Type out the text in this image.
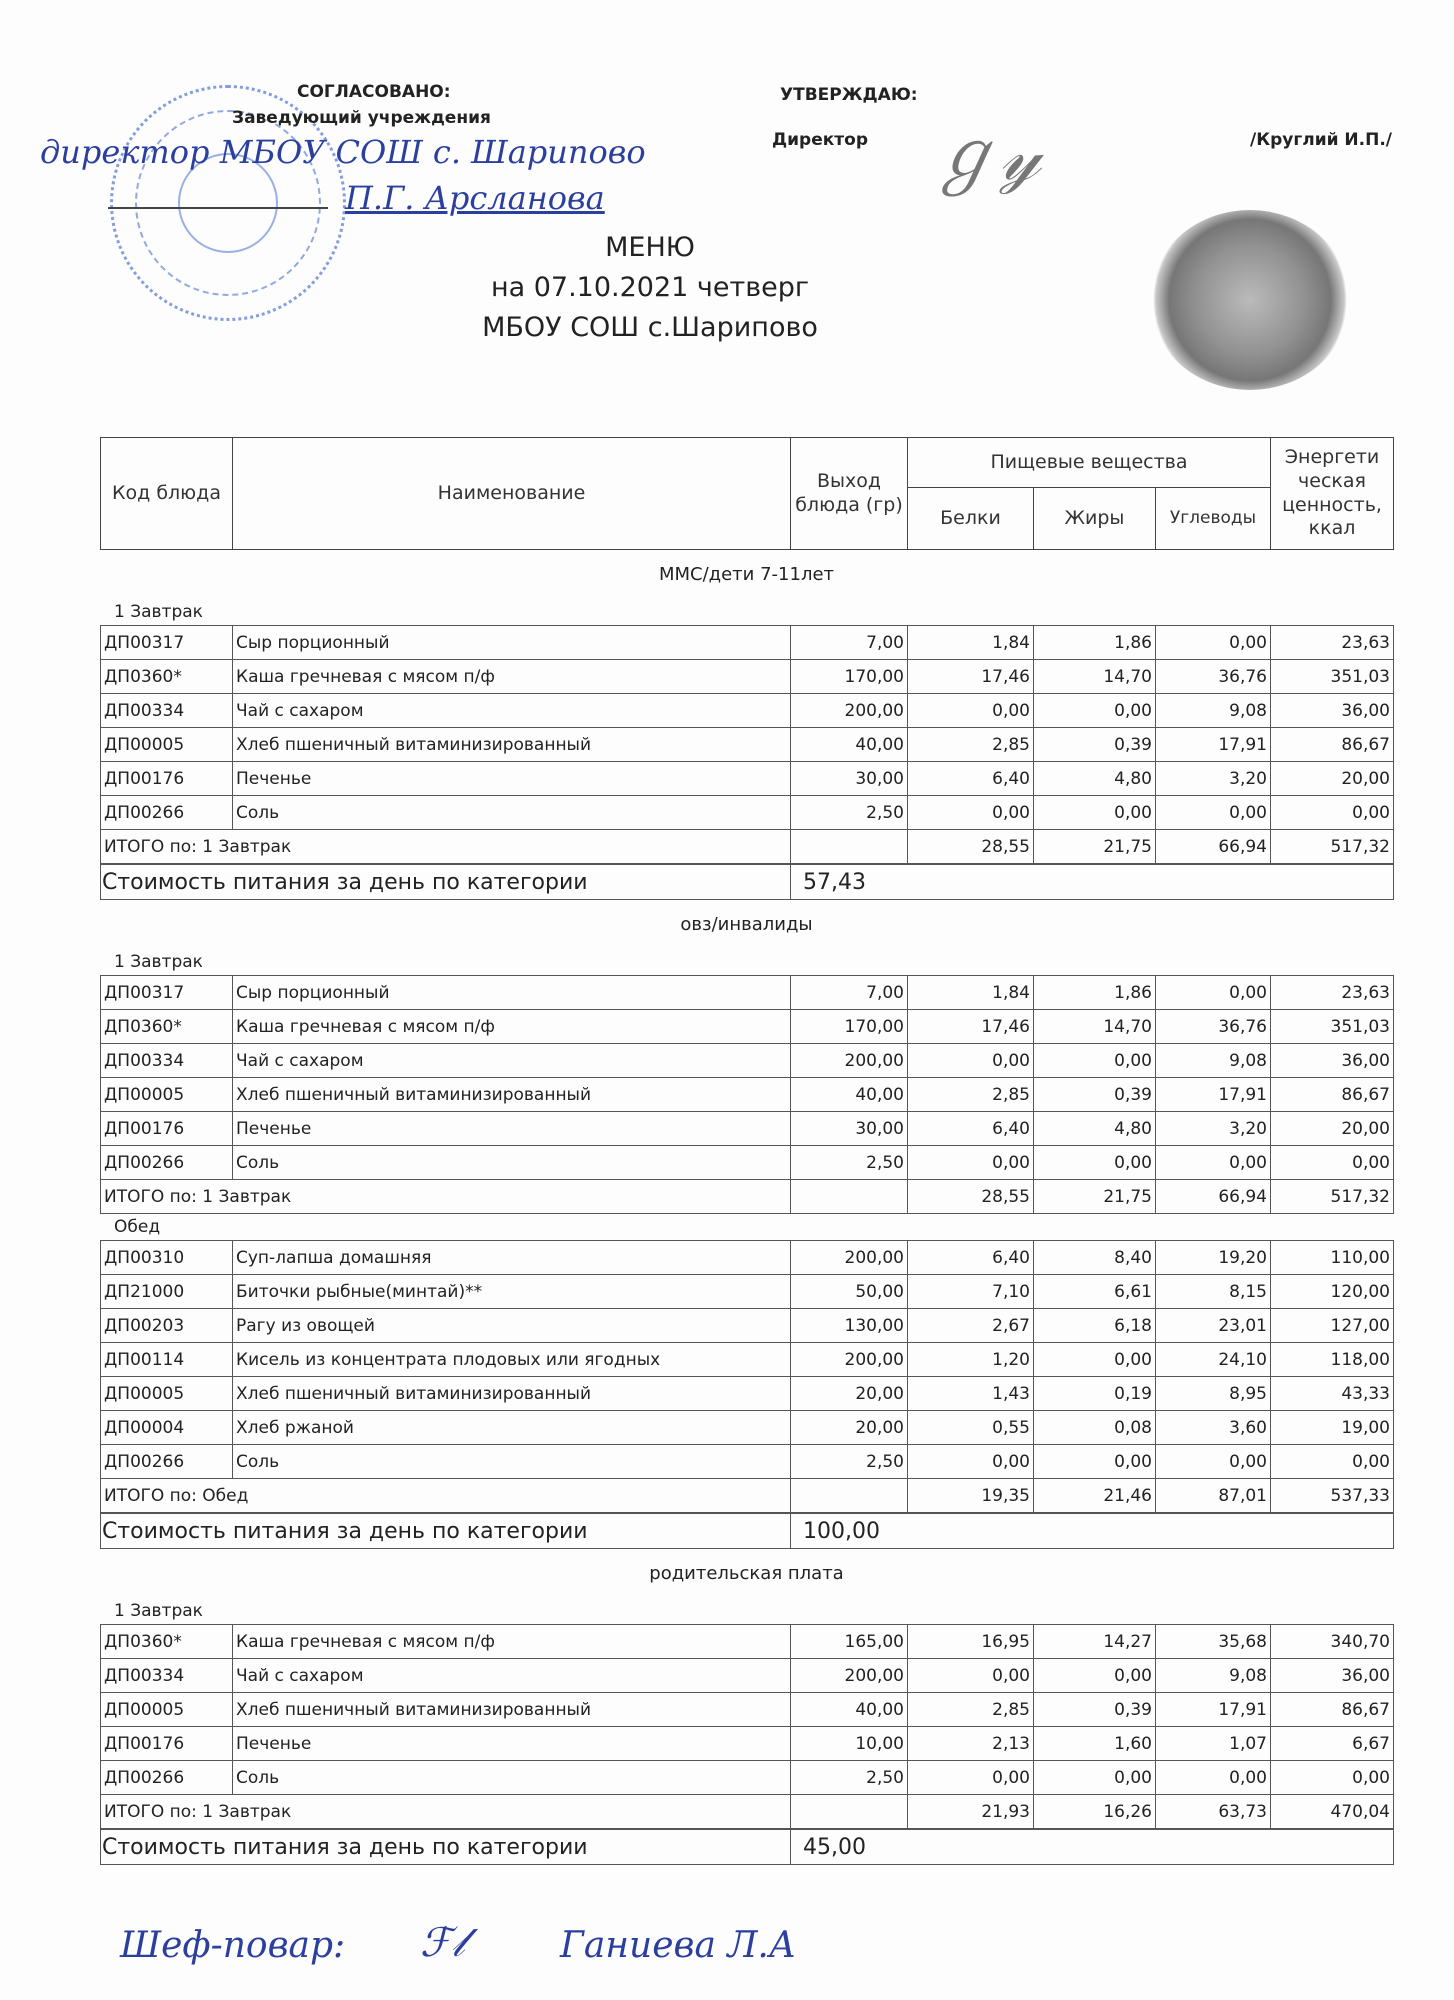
ℊ𝓎
СОГЛАСОВАНО:
Заведующий учреждения
директор МБОУ СОШ с. Шарипово
П.Г. Арсланова
УТВЕРЖДАЮ:
Директор	/Круглий И.П./
МЕНЮ
на 07.10.2021 четверг
МБОУ СОШ с.Шарипово
Код блюда	Наименование	Выход блюда (гр)	Пищевые вещества			Энергети ческая ценность, ккал
			Белки	Жиры	Углеводы	
ММС/дети 7-11лет
1 Завтрак
ДП00317	Сыр порционный	7,00	1,84	1,86	0,00	23,63
ДП0360*	Каша гречневая с мясом п/ф	170,00	17,46	14,70	36,76	351,03
ДП00334	Чай с сахаром	200,00	0,00	0,00	9,08	36,00
ДП00005	Хлеб пшеничный витаминизированный	40,00	2,85	0,39	17,91	86,67
ДП00176	Печенье	30,00	6,40	4,80	3,20	20,00
ДП00266	Соль	2,50	0,00	0,00	0,00	0,00
ИТОГО по: 1 Завтрак			28,55	21,75	66,94	517,32
Стоимость питания за день по категории	57,43
овз/инвалиды
1 Завтрак
ДП00317	Сыр порционный	7,00	1,84	1,86	0,00	23,63
ДП0360*	Каша гречневая с мясом п/ф	170,00	17,46	14,70	36,76	351,03
ДП00334	Чай с сахаром	200,00	0,00	0,00	9,08	36,00
ДП00005	Хлеб пшеничный витаминизированный	40,00	2,85	0,39	17,91	86,67
ДП00176	Печенье	30,00	6,40	4,80	3,20	20,00
ДП00266	Соль	2,50	0,00	0,00	0,00	0,00
ИТОГО по: 1 Завтрак			28,55	21,75	66,94	517,32
Обед
ДП00310	Суп-лапша домашняя	200,00	6,40	8,40	19,20	110,00
ДП21000	Биточки рыбные(минтай)**	50,00	7,10	6,61	8,15	120,00
ДП00203	Рагу из овощей	130,00	2,67	6,18	23,01	127,00
ДП00114	Кисель из концентрата плодовых или ягодных	200,00	1,20	0,00	24,10	118,00
ДП00005	Хлеб пшеничный витаминизированный	20,00	1,43	0,19	8,95	43,33
ДП00004	Хлеб ржаной	20,00	0,55	0,08	3,60	19,00
ДП00266	Соль	2,50	0,00	0,00	0,00	0,00
ИТОГО по: Обед			19,35	21,46	87,01	537,33
Стоимость питания за день по категории	100,00
родительская плата
1 Завтрак
ДП0360*	Каша гречневая с мясом п/ф	165,00	16,95	14,27	35,68	340,70
ДП00334	Чай с сахаром	200,00	0,00	0,00	9,08	36,00
ДП00005	Хлеб пшеничный витаминизированный	40,00	2,85	0,39	17,91	86,67
ДП00176	Печенье	10,00	2,13	1,60	1,07	6,67
ДП00266	Соль	2,50	0,00	0,00	0,00	0,00
ИТОГО по: 1 Завтрак			21,93	16,26	63,73	470,04
Стоимость питания за день по категории	45,00
Шеф-повар: ℱ𝓁	Ганиева Л.А
